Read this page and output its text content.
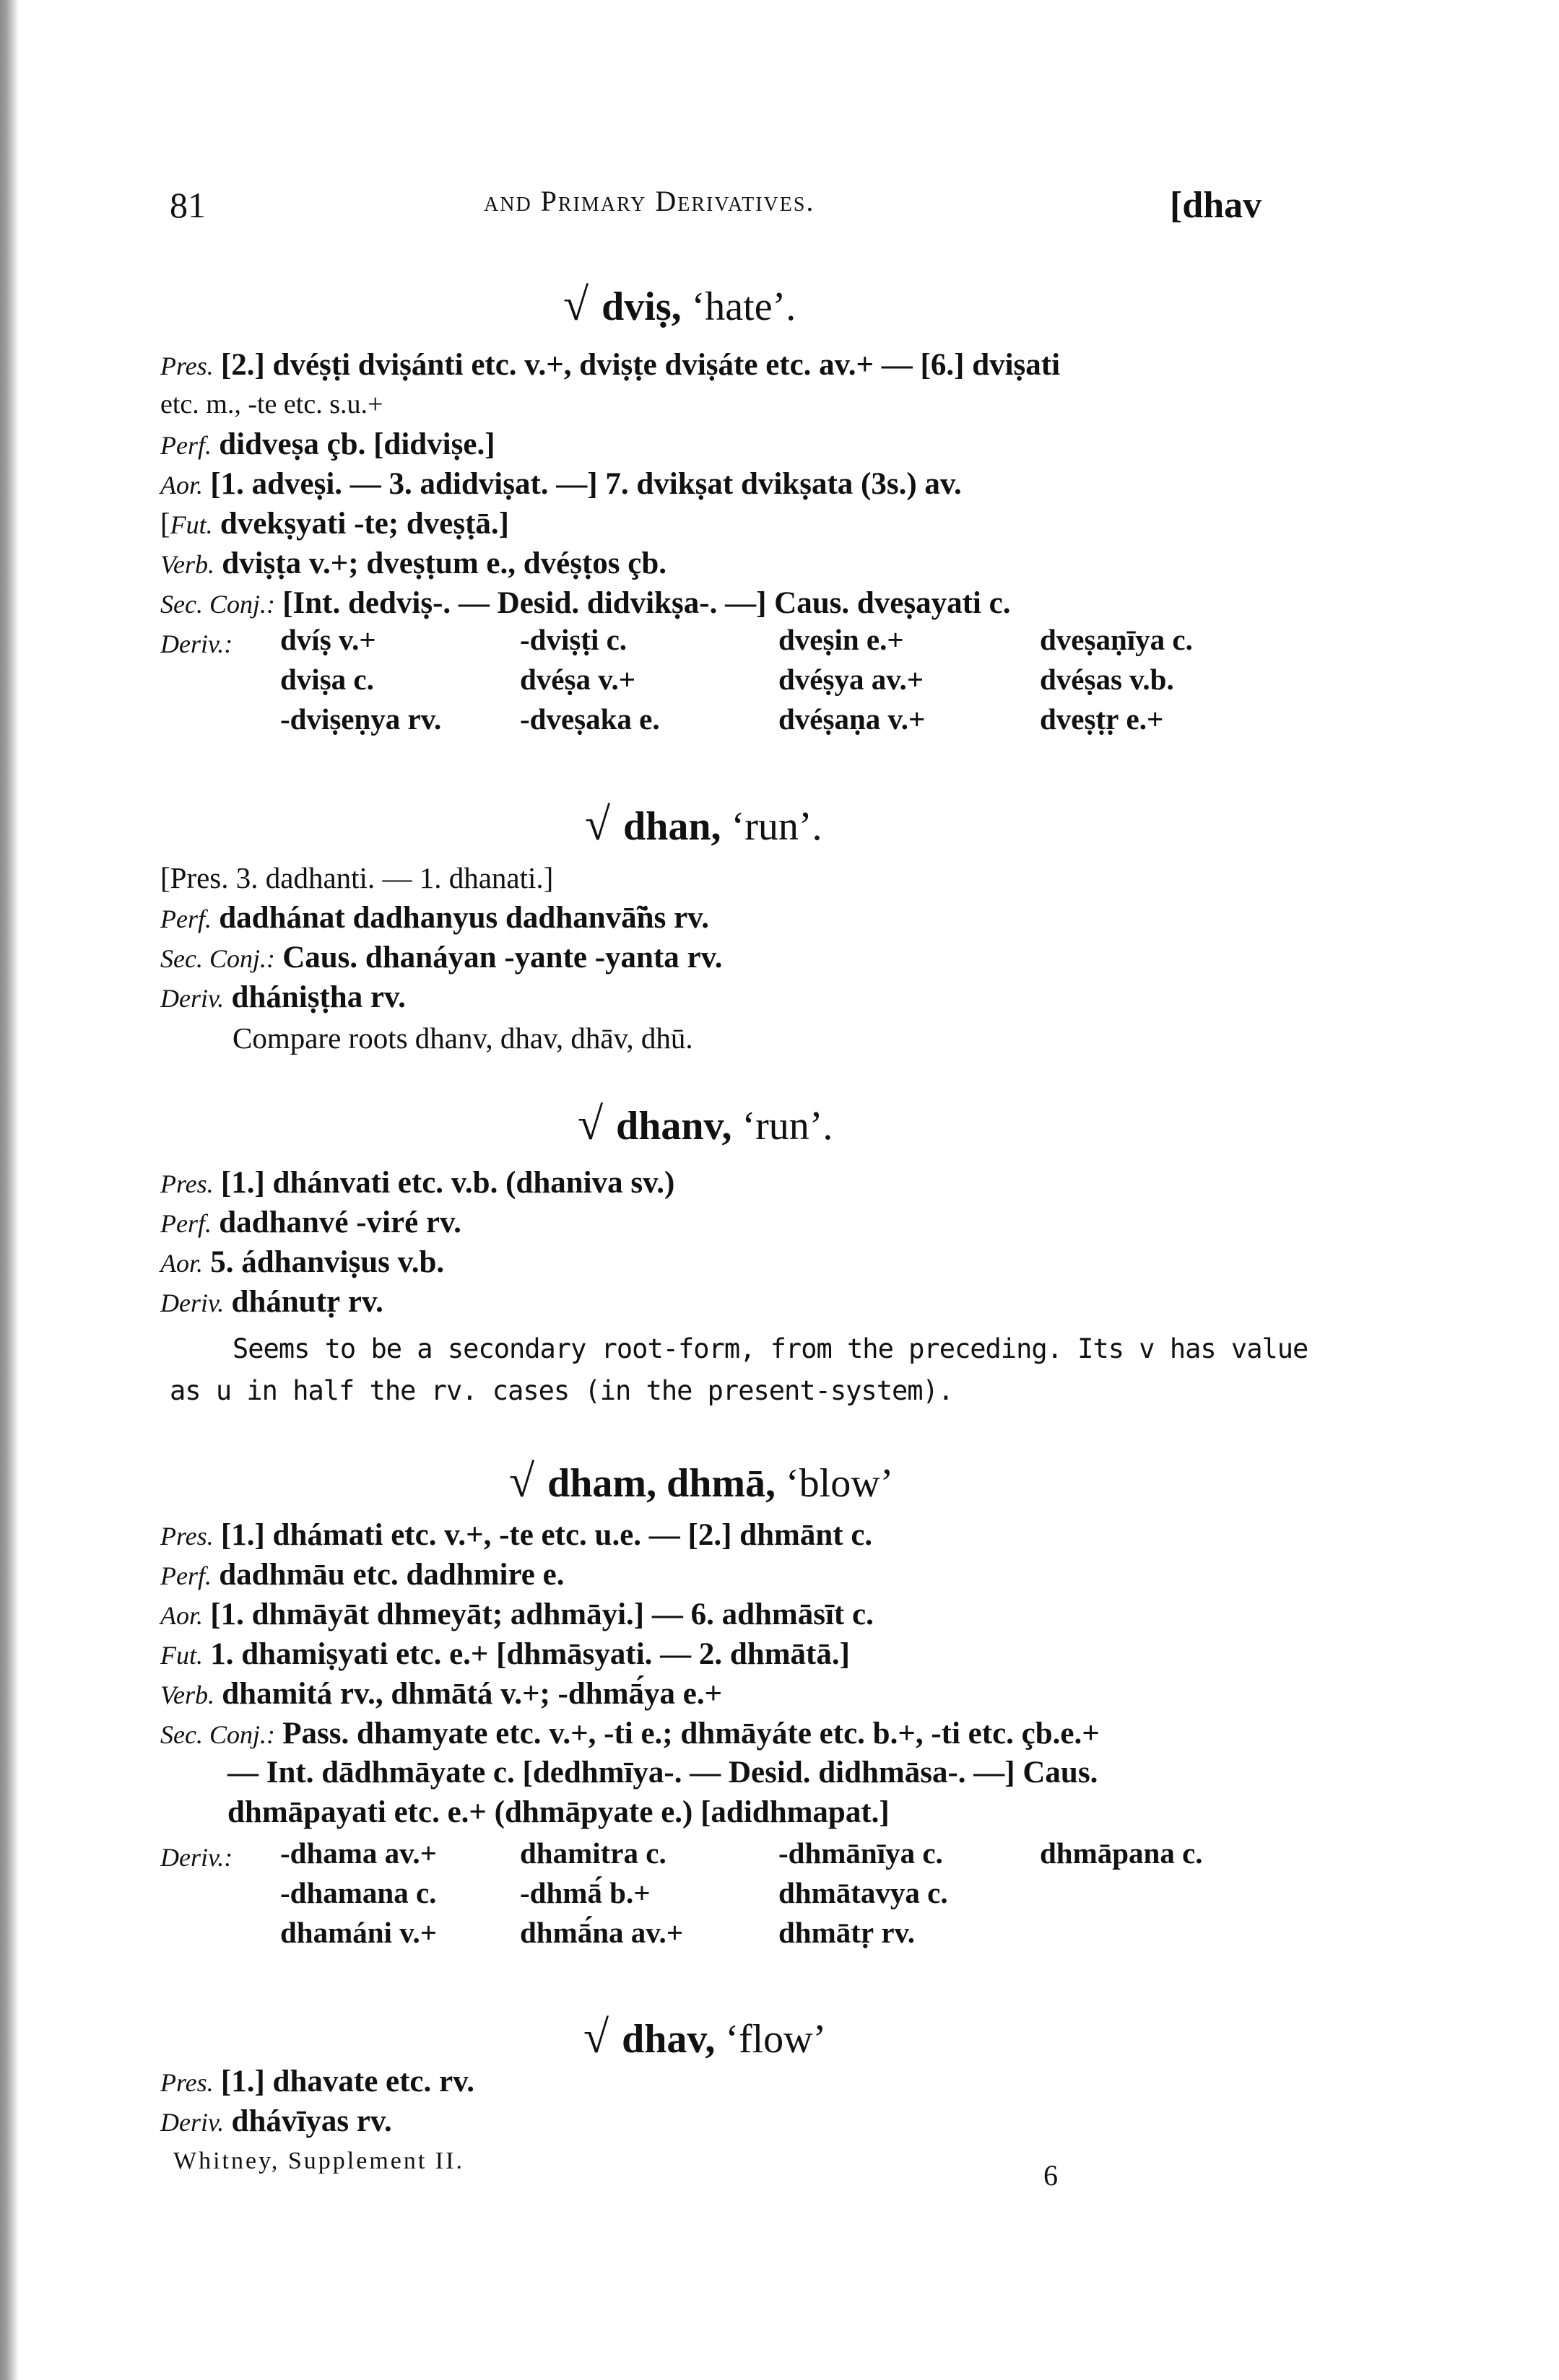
81	and Primary Derivatives.	[dhav
√ dviṣ, ‘hate’.
Pres. [2.] dvéṣṭi dviṣánti etc. v.+, dviṣṭe dviṣáte etc. av.+ — [6.] dviṣati
etc. m., -te etc. s.u.+
Perf. didveṣa çb. [didviṣe.]
Aor. [1. adveṣi. — 3. adidviṣat. —] 7. dvikṣat dvikṣata (3s.) av.
[Fut. dvekṣyati -te; dveṣṭā.]
Verb. dviṣṭa v.+; dveṣṭum e., dvéṣṭos çb.
Sec. Conj.: [Int. dedviṣ-. — Desid. didvikṣa-. —] Caus. dveṣayati c.
Deriv.: dvíṣ v.+	-dviṣṭi c.	dveṣin e.+	dveṣaṇīya c.
dviṣa c.	dvéṣa v.+	dvéṣya av.+	dvéṣas v.b.
-dviṣeṇya rv.	-dveṣaka e.	dvéṣaṇa v.+	dveṣṭṛ e.+
√ dhan, ‘run’.
[Pres. 3. dadhanti. — 1. dhanati.]
Perf. dadhánat dadhanyus dadhanvā̃ṅs rv.
Sec. Conj.: Caus. dhanáyan -yante -yanta rv.
Deriv. dhániṣṭha rv.
Compare roots dhanv, dhav, dhāv, dhū.
√ dhanv, ‘run’.
Pres. [1.] dhánvati etc. v.b. (dhaniva sv.)
Perf. dadhanvé -viré rv.
Aor. 5. ádhanviṣus v.b.
Deriv. dhánutṛ rv.
Seems to be a secondary root-form, from the preceding. Its v has value
as u in half the rv. cases (in the present-system).
√ dham, dhmā, ‘blow’
Pres. [1.] dhámati etc. v.+, -te etc. u.e. — [2.] dhmānt c.
Perf. dadhmāu etc. dadhmire e.
Aor. [1. dhmāyāt dhmeyāt; adhmāyi.] — 6. adhmāsīt c.
Fut. 1. dhamiṣyati etc. e.+ [dhmāsyati. — 2. dhmātā.]
Verb. dhamitá rv., dhmātá v.+; -dhmā́ya e.+
Sec. Conj.: Pass. dhamyate etc. v.+, -ti e.; dhmāyáte etc. b.+, -ti etc. çb.e.+
— Int. dādhmāyate c. [dedhmīya-. — Desid. didhmāsa-. —] Caus.
dhmāpayati etc. e.+ (dhmāpyate e.) [adidhmapat.]
Deriv.: -dhama av.+	dhamitra c.	-dhmānīya c.	dhmāpana c.
-dhamana c.	-dhmā́ b.+	dhmātavya c.
dhamáni v.+	dhmā́na av.+	dhmātṛ rv.
√ dhav, ‘flow’
Pres. [1.] dhavate etc. rv.
Deriv. dhávīyas rv.
Whitney, Supplement II.	6
